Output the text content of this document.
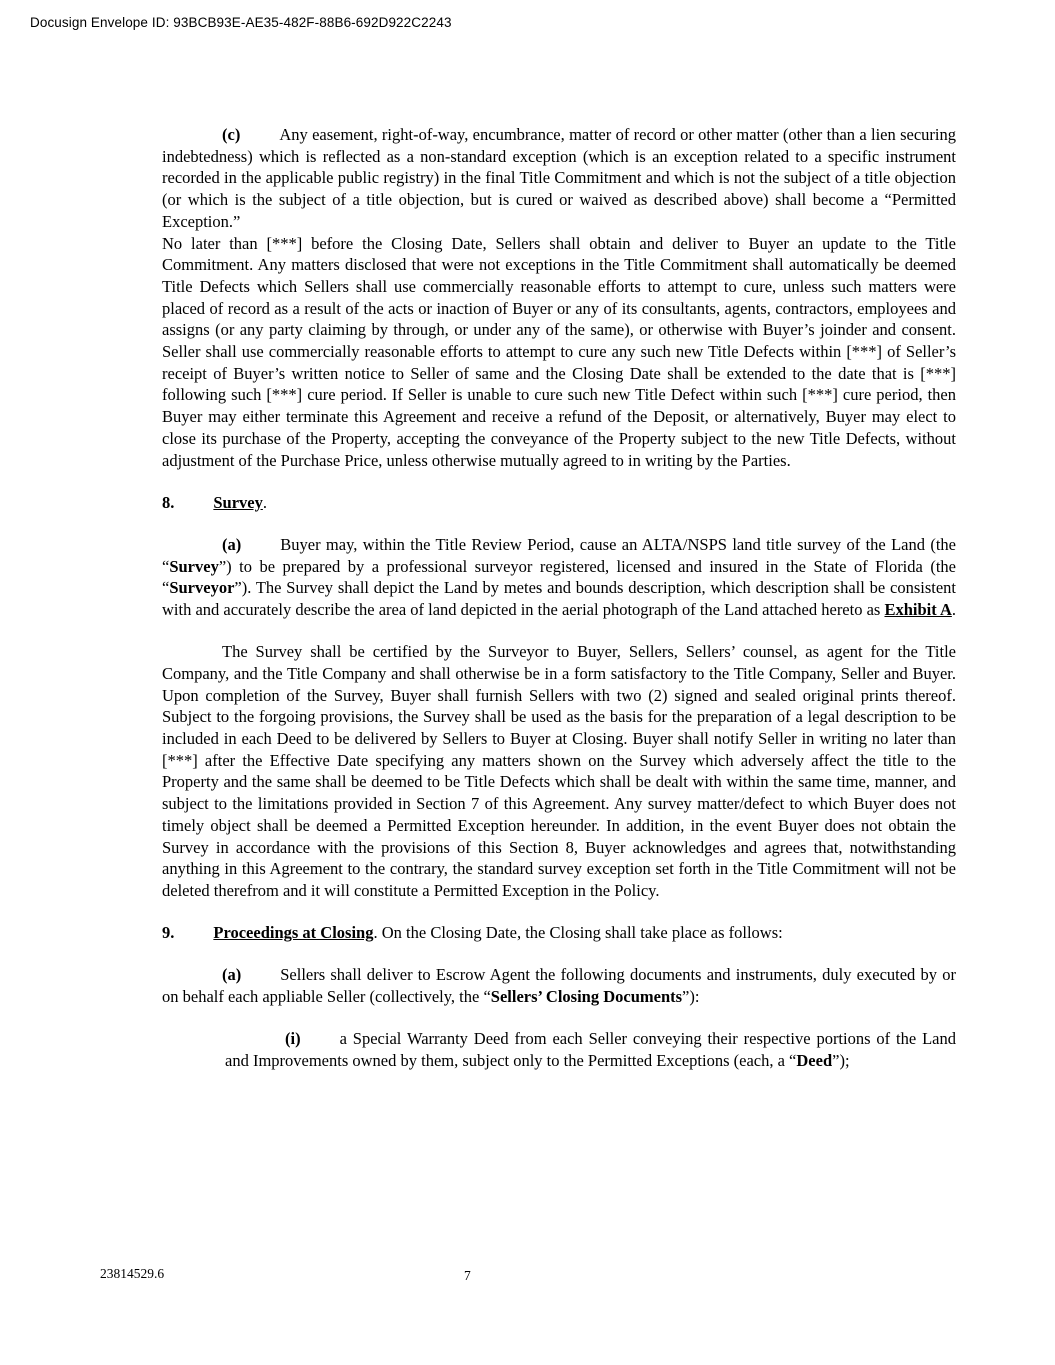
Docusign Envelope ID: 93BCB93E-AE35-482F-88B6-692D922C2243

(c) Any easement, right-of-way, encumbrance, matter of record or other matter (other than a lien securing indebtedness) which is reflected as a non-standard exception (which is an exception related to a specific instrument recorded in the applicable public registry) in the final Title Commitment and which is not the subject of a title objection (or which is the subject of a title objection, but is cured or waived as described above) shall become a “Permitted Exception.”

No later than [***] before the Closing Date, Sellers shall obtain and deliver to Buyer an update to the Title Commitment. Any matters disclosed that were not exceptions in the Title Commitment shall automatically be deemed Title Defects which Sellers shall use commercially reasonable efforts to attempt to cure, unless such matters were placed of record as a result of the acts or inaction of Buyer or any of its consultants, agents, contractors, employees and assigns (or any party claiming by through, or under any of the same), or otherwise with Buyer’s joinder and consent. Seller shall use commercially reasonable efforts to attempt to cure any such new Title Defects within [***] of Seller’s receipt of Buyer’s written notice to Seller of same and the Closing Date shall be extended to the date that is [***] following such [***] cure period. If Seller is unable to cure such new Title Defect within such [***] cure period, then Buyer may either terminate this Agreement and receive a refund of the Deposit, or alternatively, Buyer may elect to close its purchase of the Property, accepting the conveyance of the Property subject to the new Title Defects, without adjustment of the Purchase Price, unless otherwise mutually agreed to in writing by the Parties.

8. Survey.

(a) Buyer may, within the Title Review Period, cause an ALTA/NSPS land title survey of the Land (the “Survey”) to be prepared by a professional surveyor registered, licensed and insured in the State of Florida (the “Surveyor”). The Survey shall depict the Land by metes and bounds description, which description shall be consistent with and accurately describe the area of land depicted in the aerial photograph of the Land attached hereto as Exhibit A.

The Survey shall be certified by the Surveyor to Buyer, Sellers, Sellers’ counsel, as agent for the Title Company, and the Title Company and shall otherwise be in a form satisfactory to the Title Company, Seller and Buyer. Upon completion of the Survey, Buyer shall furnish Sellers with two (2) signed and sealed original prints thereof. Subject to the forgoing provisions, the Survey shall be used as the basis for the preparation of a legal description to be included in each Deed to be delivered by Sellers to Buyer at Closing. Buyer shall notify Seller in writing no later than [***] after the Effective Date specifying any matters shown on the Survey which adversely affect the title to the Property and the same shall be deemed to be Title Defects which shall be dealt with within the same time, manner, and subject to the limitations provided in Section 7 of this Agreement. Any survey matter/defect to which Buyer does not timely object shall be deemed a Permitted Exception hereunder. In addition, in the event Buyer does not obtain the Survey in accordance with the provisions of this Section 8, Buyer acknowledges and agrees that, notwithstanding anything in this Agreement to the contrary, the standard survey exception set forth in the Title Commitment will not be deleted therefrom and it will constitute a Permitted Exception in the Policy.

9. Proceedings at Closing. On the Closing Date, the Closing shall take place as follows:

(a) Sellers shall deliver to Escrow Agent the following documents and instruments, duly executed by or on behalf each appliable Seller (collectively, the “Sellers’ Closing Documents”):

(i) a Special Warranty Deed from each Seller conveying their respective portions of the Land and Improvements owned by them, subject only to the Permitted Exceptions (each, a “Deed”);

23814529.6	7
